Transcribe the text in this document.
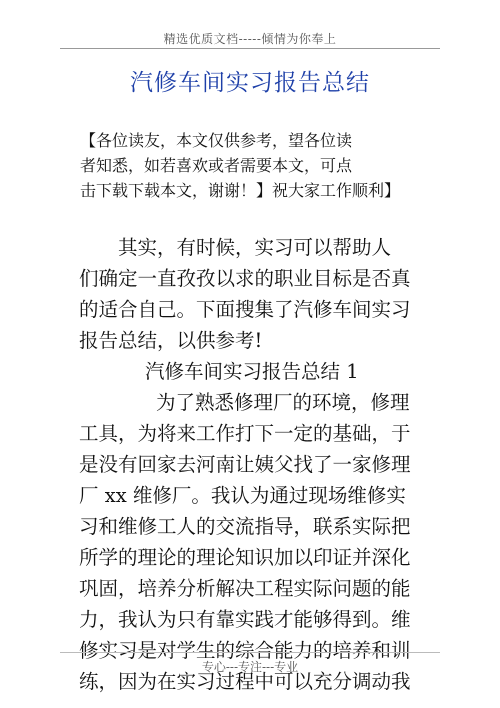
精选优质文档-----倾情为你奉上
汽修车间实习报告总结
【各位读友，本文仅供参考，望各位读
者知悉，如若喜欢或者需要本文，可点
击下载下载本文，谢谢！】祝大家工作顺利】
其实，有时候，实习可以帮助人
们确定一直孜孜以求的职业目标是否真
的适合自己。下面搜集了汽修车间实习
报告总结，以供参考!
汽修车间实习报告总结 1
为了熟悉修理厂的环境，修理
工具，为将来工作打下一定的基础，于
是没有回家去河南让姨父找了一家修理
厂 xx 维修厂。我认为通过现场维修实
习和维修工人的交流指导，联系实际把
所学的理论的理论知识加以印证并深化
巩固，培养分析解决工程实际问题的能
力，我认为只有靠实践才能够得到。维
修实习是对学生的综合能力的培养和训
练，因为在实习过程中可以充分调动我
专心---专注---专业
